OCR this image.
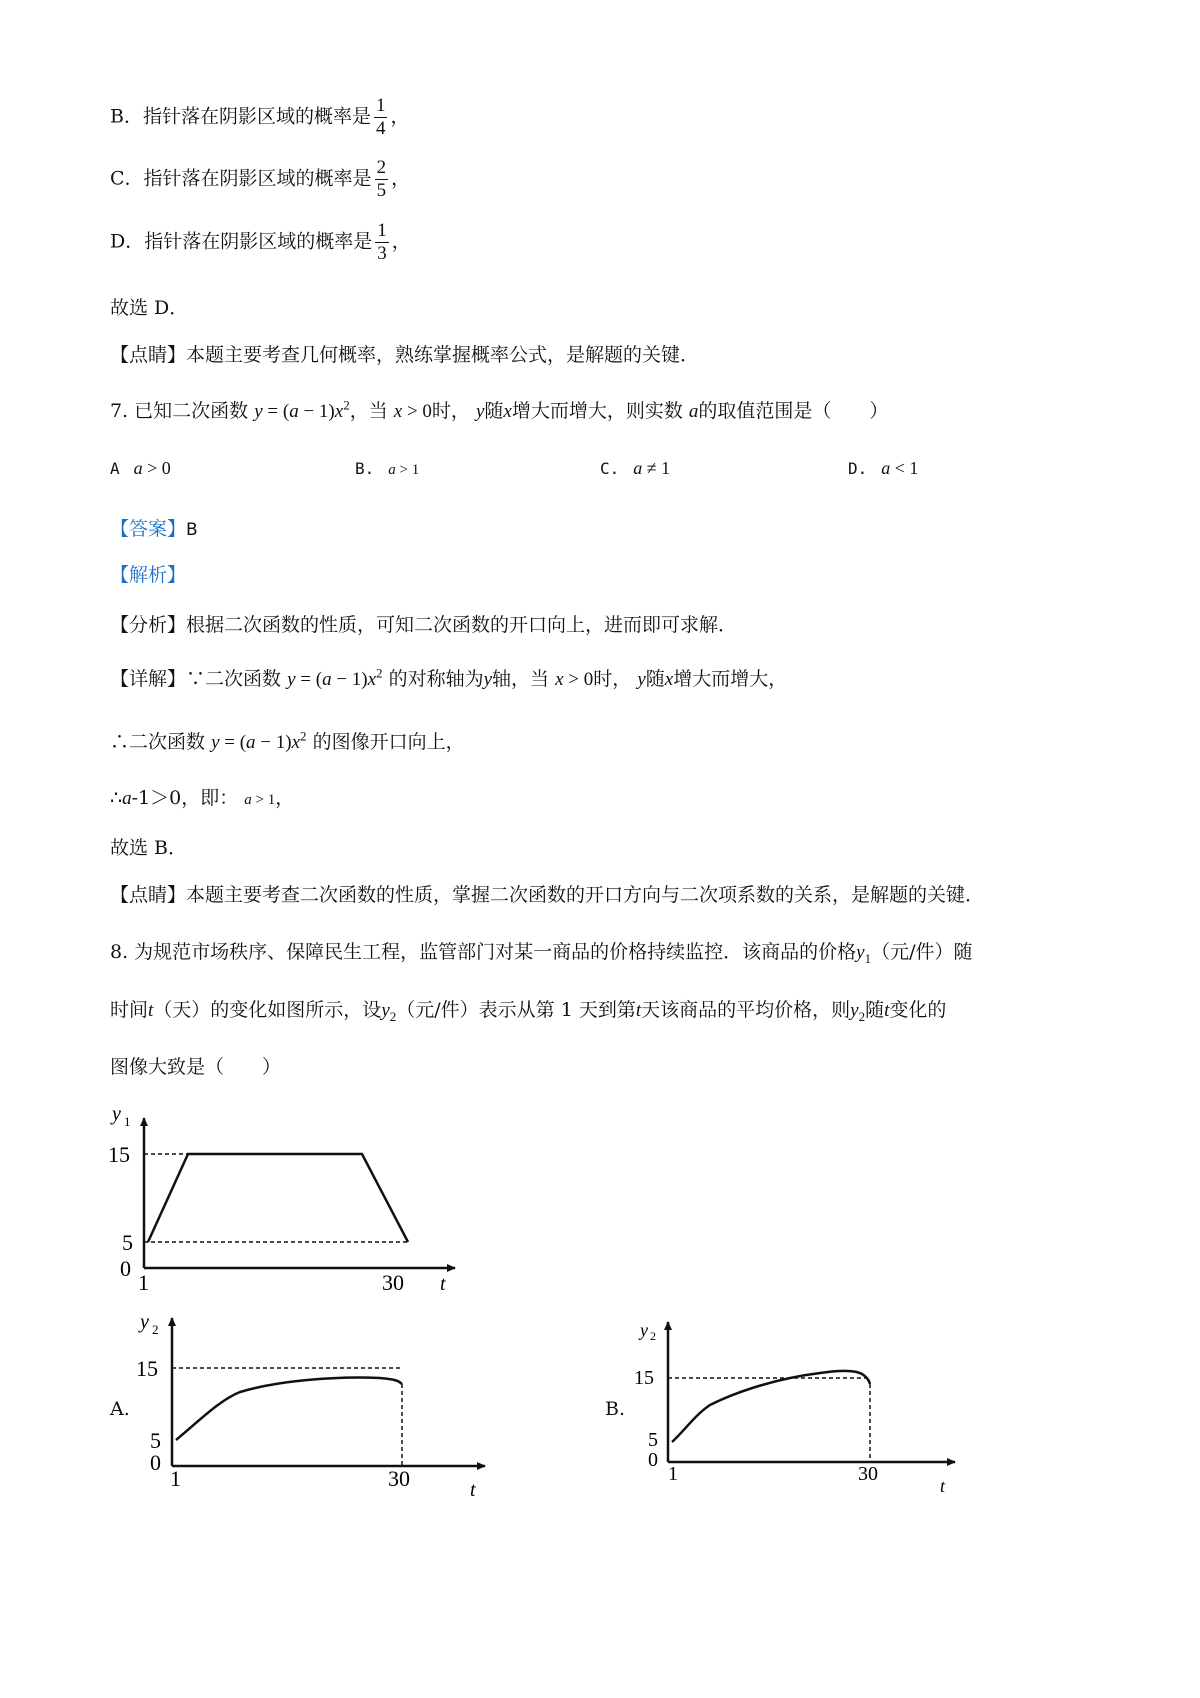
B．指针落在阴影区域的概率是 $\frac{1}{4}$ ，
C．指针落在阴影区域的概率是 $\frac{2}{5}$ ，
D．指针落在阴影区域的概率是 $\frac{1}{3}$ ，
故选 D．
【点睛】本题主要考查几何概率，熟练掌握概率公式，是解题的关键．
7. 已知二次函数 $y = (a - 1)x^2$，当 x > 0时， y随x增大而增大，则实数 a的取值范围是（　　）
A a > 0	B. a > 1	C. a ≠ 1	D. a < 1
【答案】B
【解析】
【分析】根据二次函数的性质，可知二次函数的开口向上，进而即可求解．
【详解】∵二次函数 $y = (a - 1)x^2$ 的对称轴为y轴，当 x > 0时， y随x增大而增大，
∴二次函数 $y = (a - 1)x^2$ 的图像开口向上，
∴a-1＞0，即： a > 1，
故选 B．
【点睛】本题主要考查二次函数的性质，掌握二次函数的开口方向与二次项系数的关系，是解题的关键．
8. 为规范市场秩序、保障民生工程，监管部门对某一商品的价格持续监控．该商品的价格$y_1$（元/件）随
时间t（天）的变化如图所示，设$y_2$（元/件）表示从第 1 天到第t天该商品的平均价格，则$y_2$随t变化的
图像大致是（　　）
y 1
15
5
0
1	30 t
A.
y 2
15
5
0
1	30	t
B.
y 2
15
5
0
1	30
t
